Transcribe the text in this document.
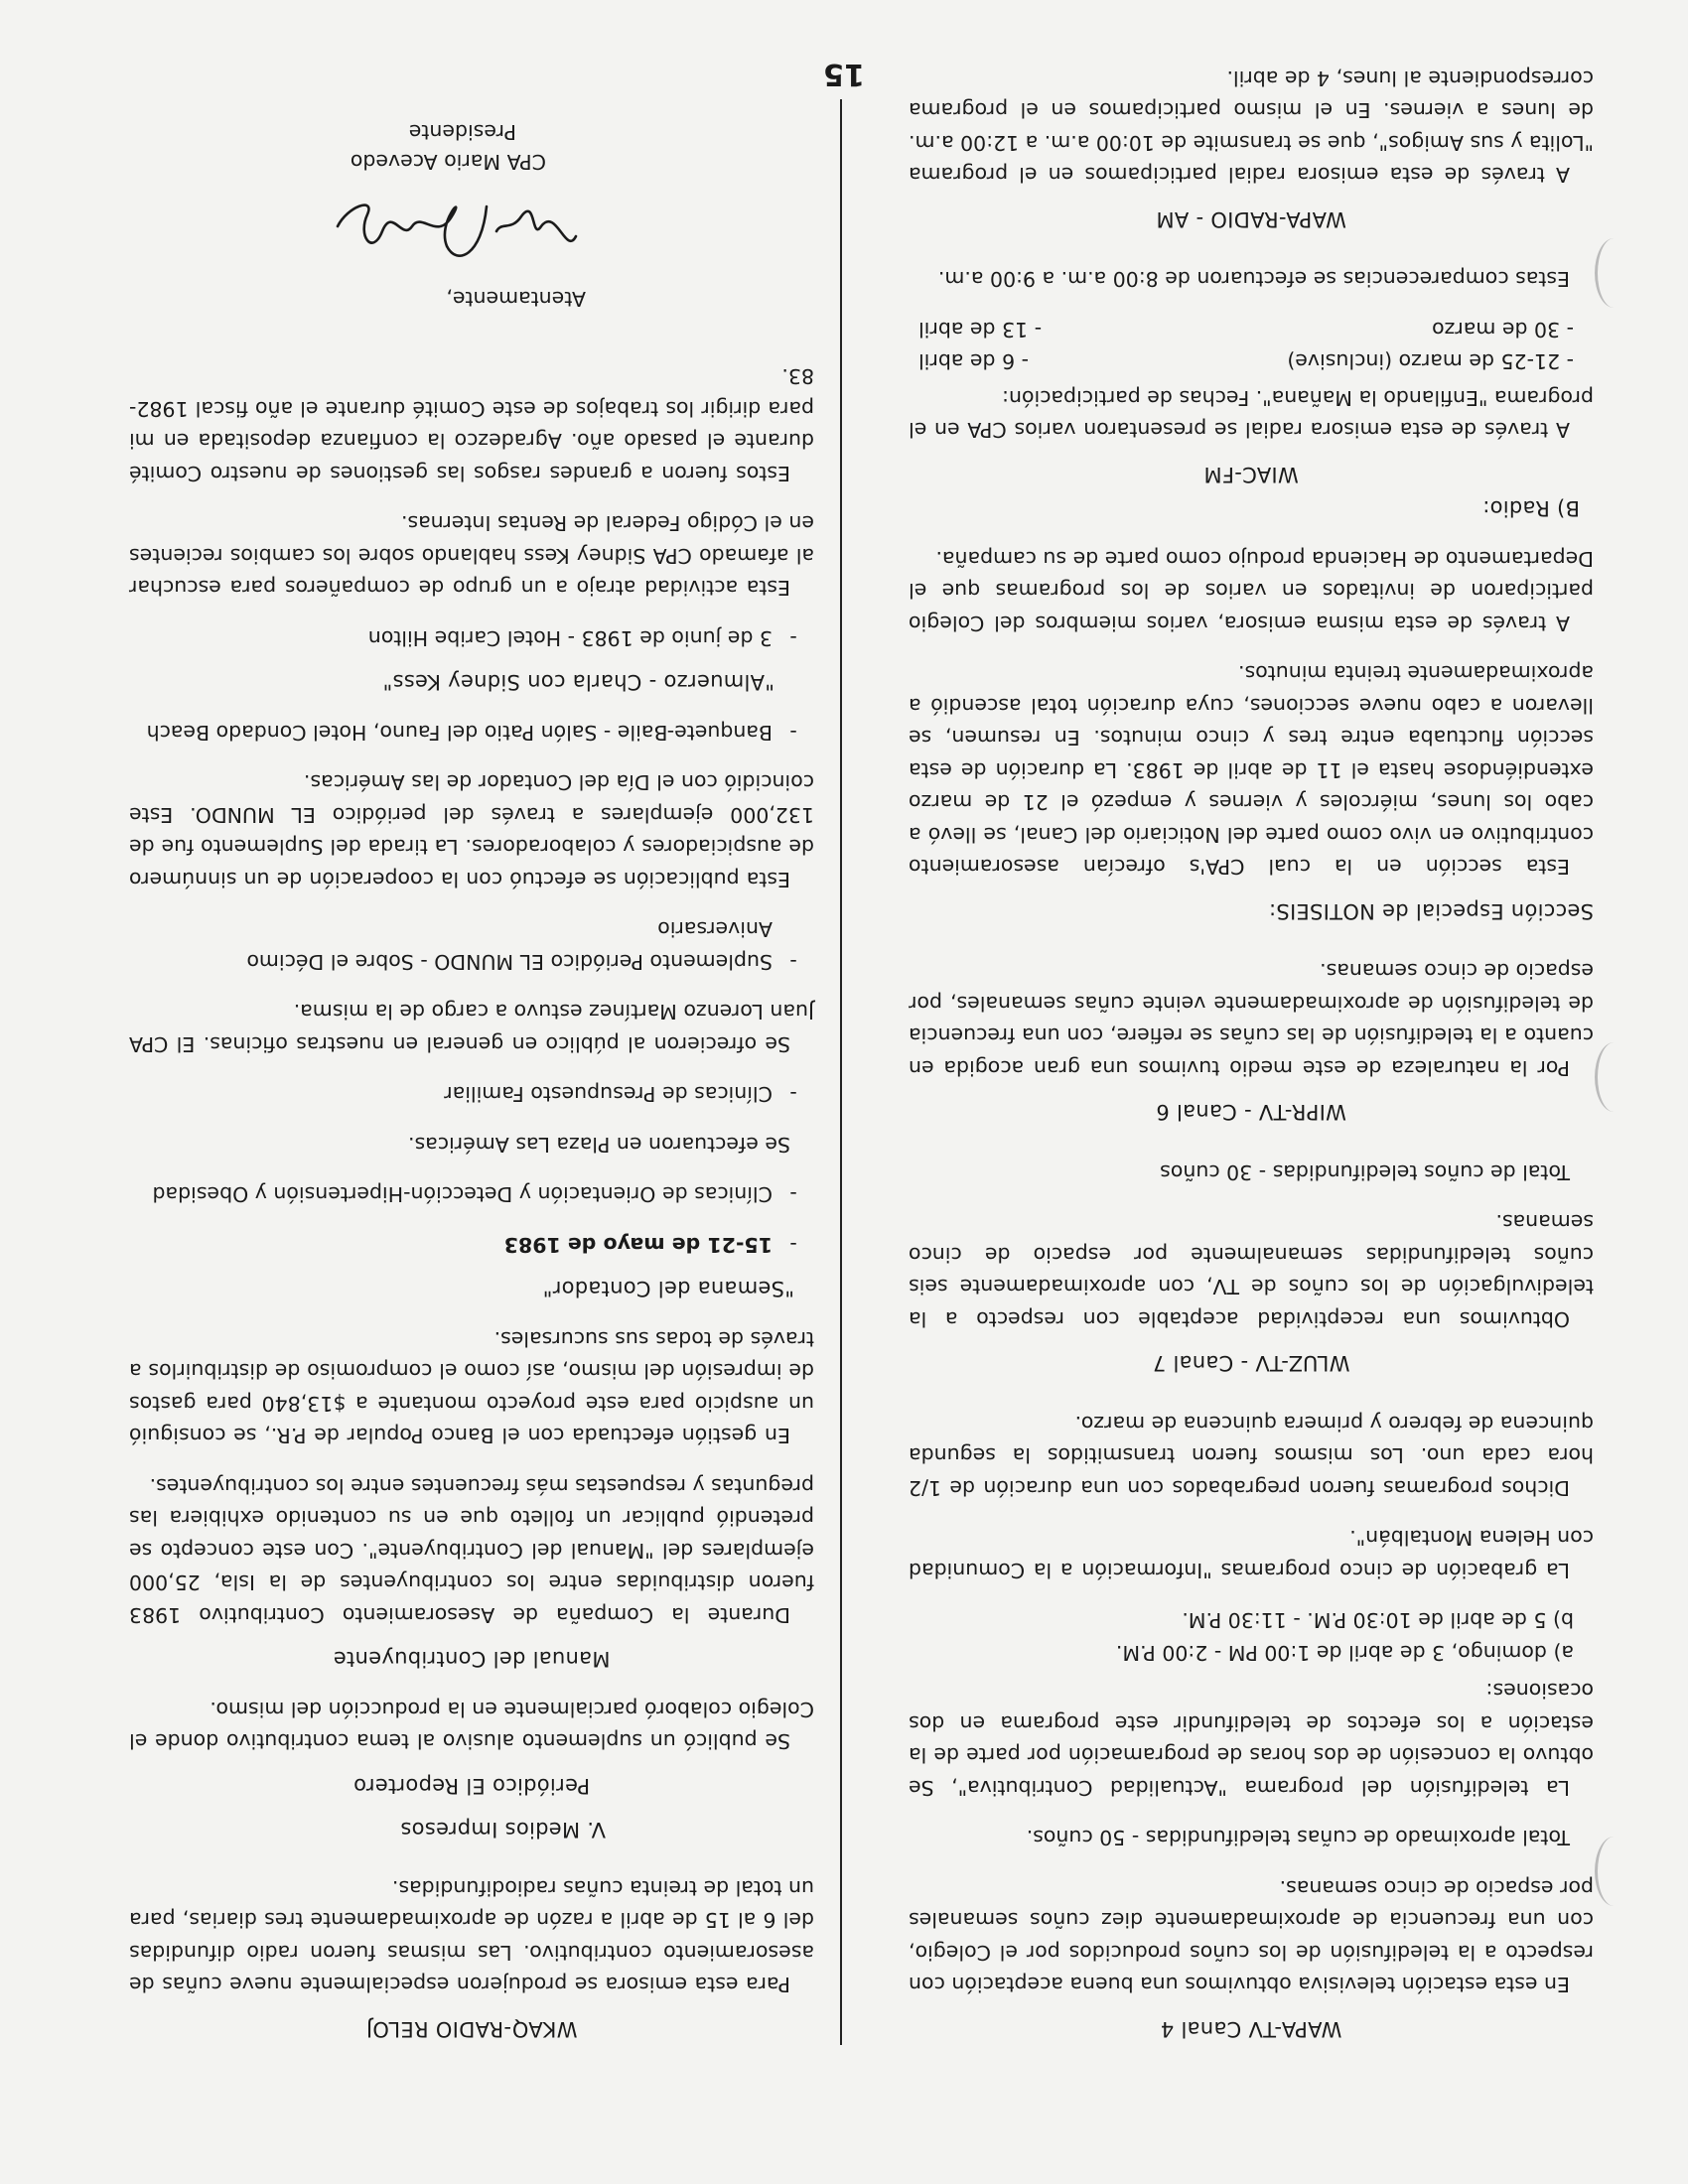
WAPA-TV Canal 4

En esta estación televisiva obtuvimos una buena aceptación con respecto a la teledifusión de los cuños producidos por el Colegio, con una frecuencia de aproximadamente diez cuños semanales por espacio de cinco semanas.

Total aproximado de cuñas teledifundidas - 50 cuños.

La teledifusión del programa "Actualidad Contributiva", Se obtuvo la concesión de dos horas de programación por parte de la estación a los efectos de teledifundir este programa en dos ocasiones:

a) domingo, 3 de abril de 1:00 PM - 2:00 P.M.

b) 5 de abril de 10:30 P.M. - 11:30 P.M.

La grabación de cinco programas "Información a la Comunidad con Helena Montalbán".

Dichos programas fueron pregrabados con una duración de 1/2 hora cada uno. Los mismos fueron transmitidos la segunda quincena de febrero y primera quincena de marzo.

WLUZ-TV - Canal 7

Obtuvimos una receptividad aceptable con respecto a la teledivulgación de los cuños de TV, con aproximadamente seis cuños teledifundidas semanalmente por espacio de cinco semanas.

Total de cuños teledifundidas - 30 cuños

WIPR-TV - Canal 6

Por la naturaleza de este medio tuvimos una gran acogida en cuanto a la teledifusión de las cuñas se refiere, con una frecuencia de teledifusión de aproximadamente veinte cuñas semanales, por espacio de cinco semanas.

Sección Especial de NOTISEIS:

Esta sección en la cual CPA's ofrecían asesoramiento contributivo en vivo como parte del Noticiario del Canal, se llevó a cabo los lunes, miércoles y viernes y empezó el 21 de marzo extendiéndose hasta el 11 de abril de 1983. La duración de esta sección fluctuaba entre tres y cinco minutos. En resumen, se llevaron a cabo nueve secciones, cuya duración total ascendió a aproximadamente treinta minutos.

A través de esta misma emisora, varios miembros del Colegio participaron de invitados en varios de los programas que el Departamento de Hacienda produjo como parte de su campaña.

B) Radio:
WIAC-FM

A través de esta emisora radial se presentaron varios CPA en el programa "Enfilando la Mañana". Fechas de participación:

- 21-25 de marzo (inclusive)
- 6 de abril
- 30 de marzo
- 13 de abril

Estas comparecencias se efectuaron de 8:00 a.m. a 9:00 a.m.

WAPA-RADIO - AM

A través de esta emisora radial participamos en el programa "Lolita y sus Amigos", que se transmite de 10:00 a.m. a 12:00 a.m. de lunes a viernes. En el mismo participamos en el programa correspondiente al lunes, 4 de abril.

WKAQ-RADIO RELOJ

Para esta emisora se produjeron especialmente nueve cuñas de asesoramiento contributivo. Las mismas fueron radio difundidas del 6 al 15 de abril a razón de aproximadamente tres diarias, para un total de treinta cuñas radiodifundidas.

V. Medios Impresos
Periódico El Reportero

Se publicó un suplemento alusivo al tema contributivo donde el Colegio colaboró parcialmente en la producción del mismo.

Manual del Contribuyente

Durante la Compaña de Asesoramiento Contributivo 1983 fueron distribuidas entre los contribuyentes de la Isla, 25,000 ejemplares del "Manual del Contribuyente". Con este concepto se pretendió publicar un folleto que en su contenido exhibiera las preguntas y respuestas más frecuentes entre los contribuyentes.

En gestión efectuada con el Banco Popular de P.R., se consiguió un auspicio para este proyecto montante a $13,840 para gastos de impresión del mismo, así como el compromiso de distribuirlos a través de todas sus sucursales.

"Semana del Contador"
-
15-21 de mayo de 1983
-
Clínicas de Orientación y Detección-Hipertensión y Obesidad

Se efectuaron en Plaza Las Américas.

-
Clínicas de Presupuesto Familiar

Se ofrecieron al público en general en nuestras oficinas. El CPA Juan Lorenzo Martínez estuvo a cargo de la misma.

-
Suplemento Periódico EL MUNDO - Sobre el Décimo Aniversario

Esta publicación se efectuó con la cooperación de un sinnúmero de auspiciadores y colaboradores. La tirada del Suplemento fue de 132,000 ejemplares a través del periódico EL MUNDO. Este coincidió con el Día del Contador de las Américas.

-
Banquete-Baile - Salón Patio del Fauno, Hotel Condado Beach
"Almuerzo - Charla con Sidney Kess"
-
3 de junio de 1983 - Hotel Caribe Hilton

Esta actividad atrajo a un grupo de compañeros para escuchar al afamado CPA Sidney Kess hablando sobre los cambios recientes en el Código Federal de Rentas Internas.

Estos fueron a grandes rasgos las gestiones de nuestro Comité durante el pasado año. Agradezco la confianza depositada en mi para dirigir los trabajos de este Comité durante el año fiscal 1982-83.

Atentamente,
CPA Mario Acevedo
Presidente
15
